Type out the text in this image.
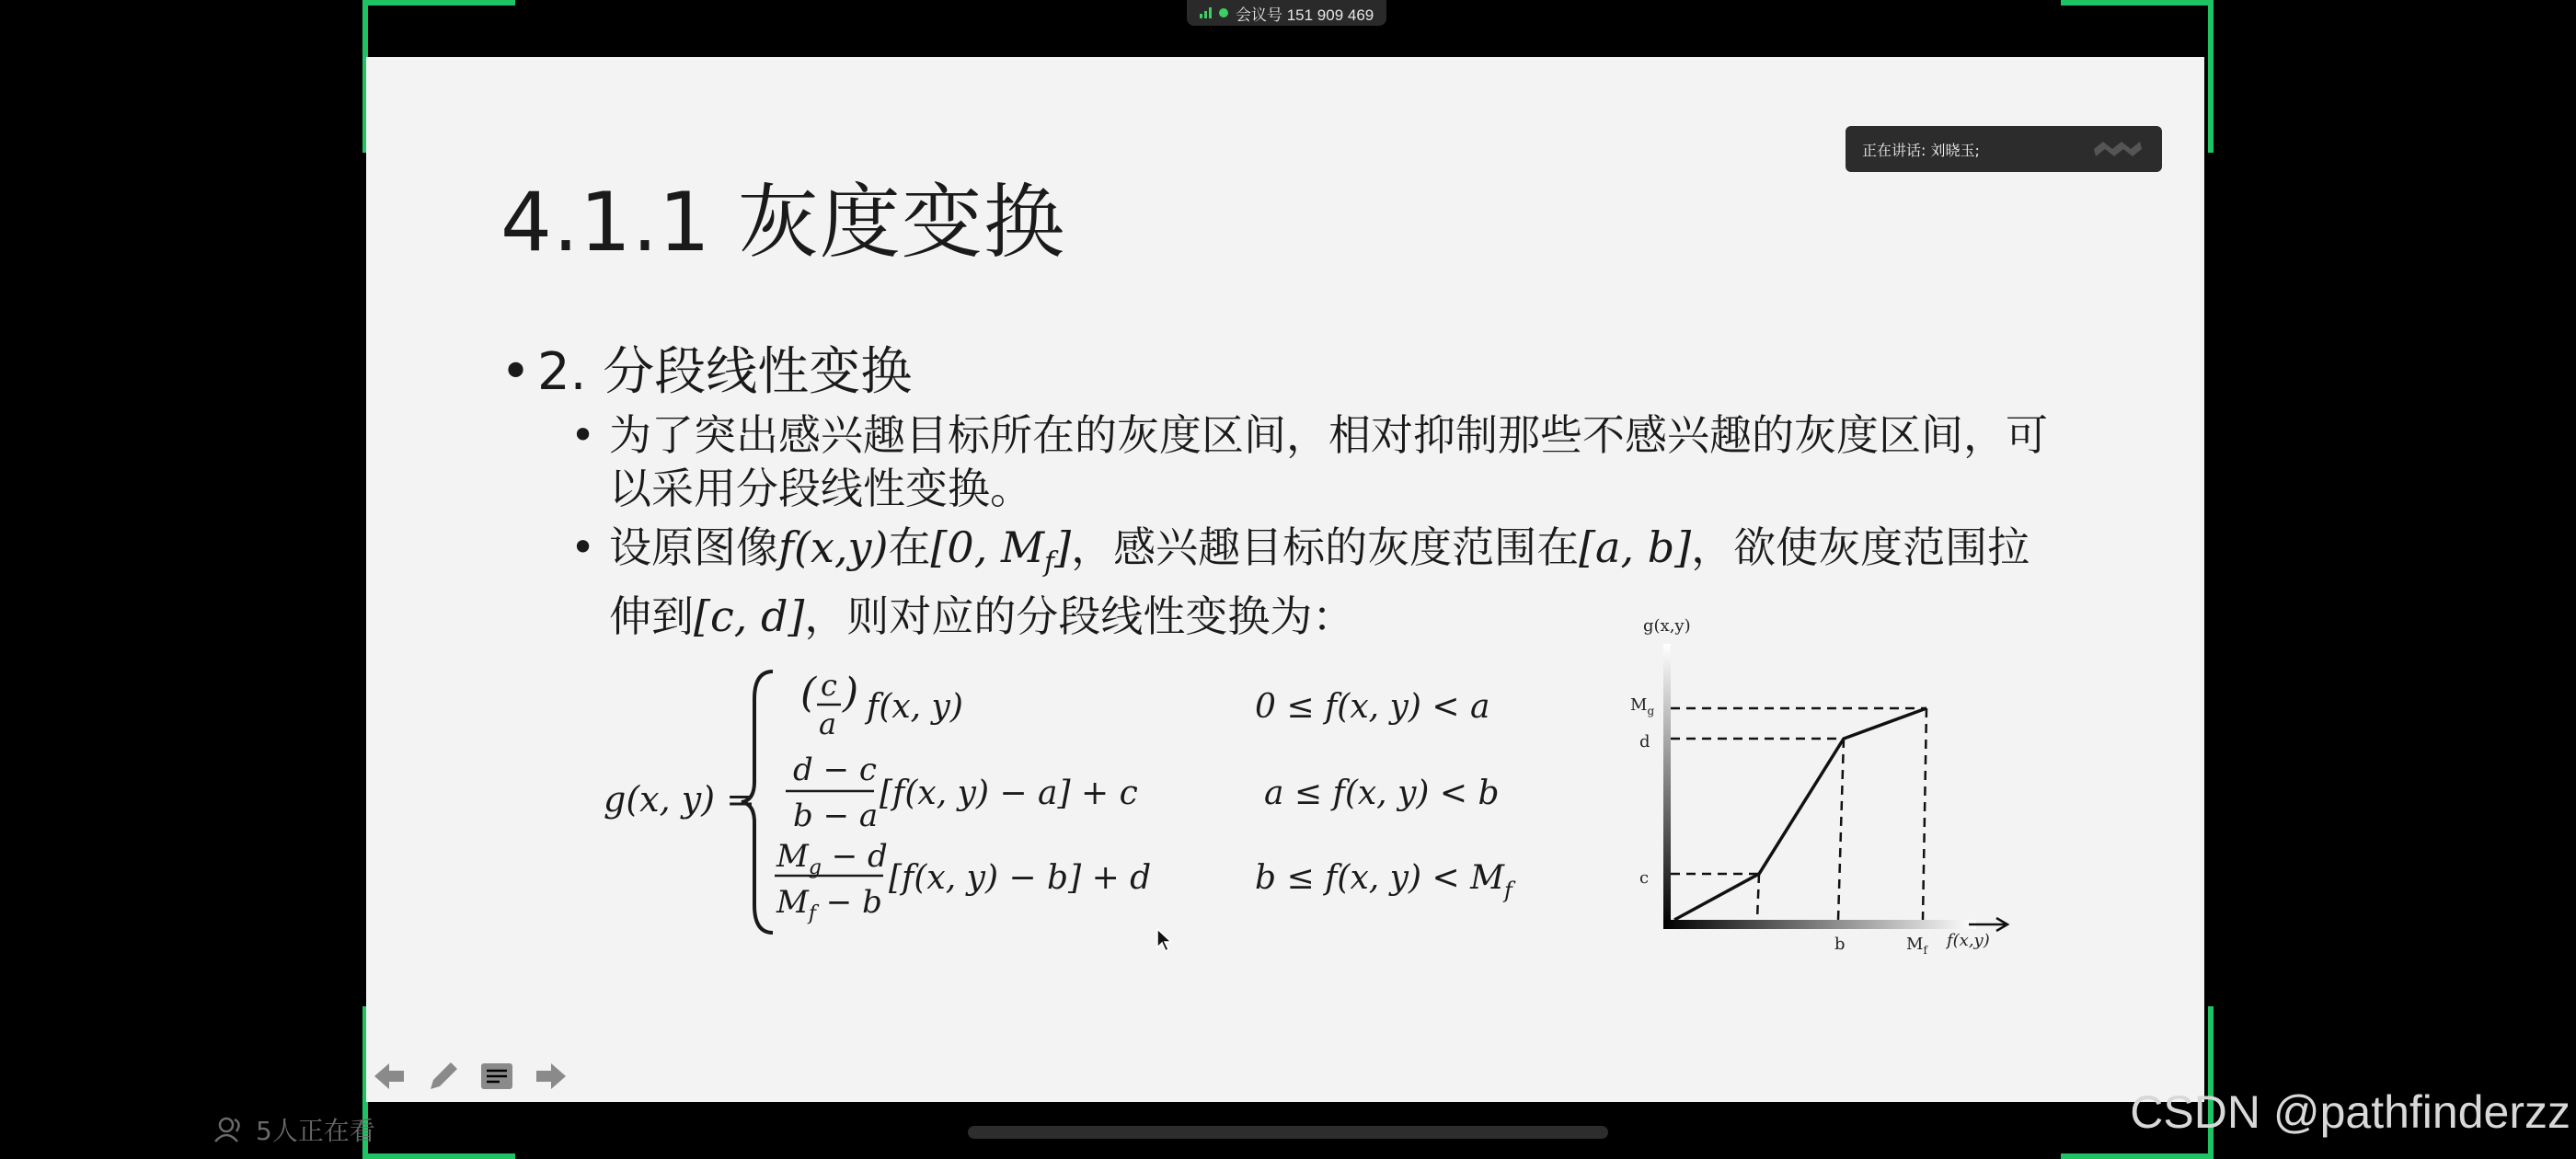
会议号 151 909 469
正在讲话: 刘晓玉;
4.1.1 灰度变换
• 2. 分段线性变换
• 为了突出感兴趣目标所在的灰度区间，相对抑制那些不感兴趣的灰度区间，可以采用分段线性变换。
• 设原图像f(x,y)在[0, $M_f$]，感兴趣目标的灰度范围在[a, b]，欲使灰度范围拉伸到[c, d]，则对应的分段线性变换为：
g(x, y) =
( c
a
) f(x, y)	0 ≤ f(x, y) < a
d − c
b − a
[f(x, y) − a] + c	a ≤ f(x, y) < b
$M_g - d$
$M_f - b$
[f(x, y) − b] + d	b ≤ f(x, $y) < M_f$
g(x,y)
$M_g$
d
c
b	$M_f$ f(x,y)
5人正在看	CSDN @pathfinderzz
